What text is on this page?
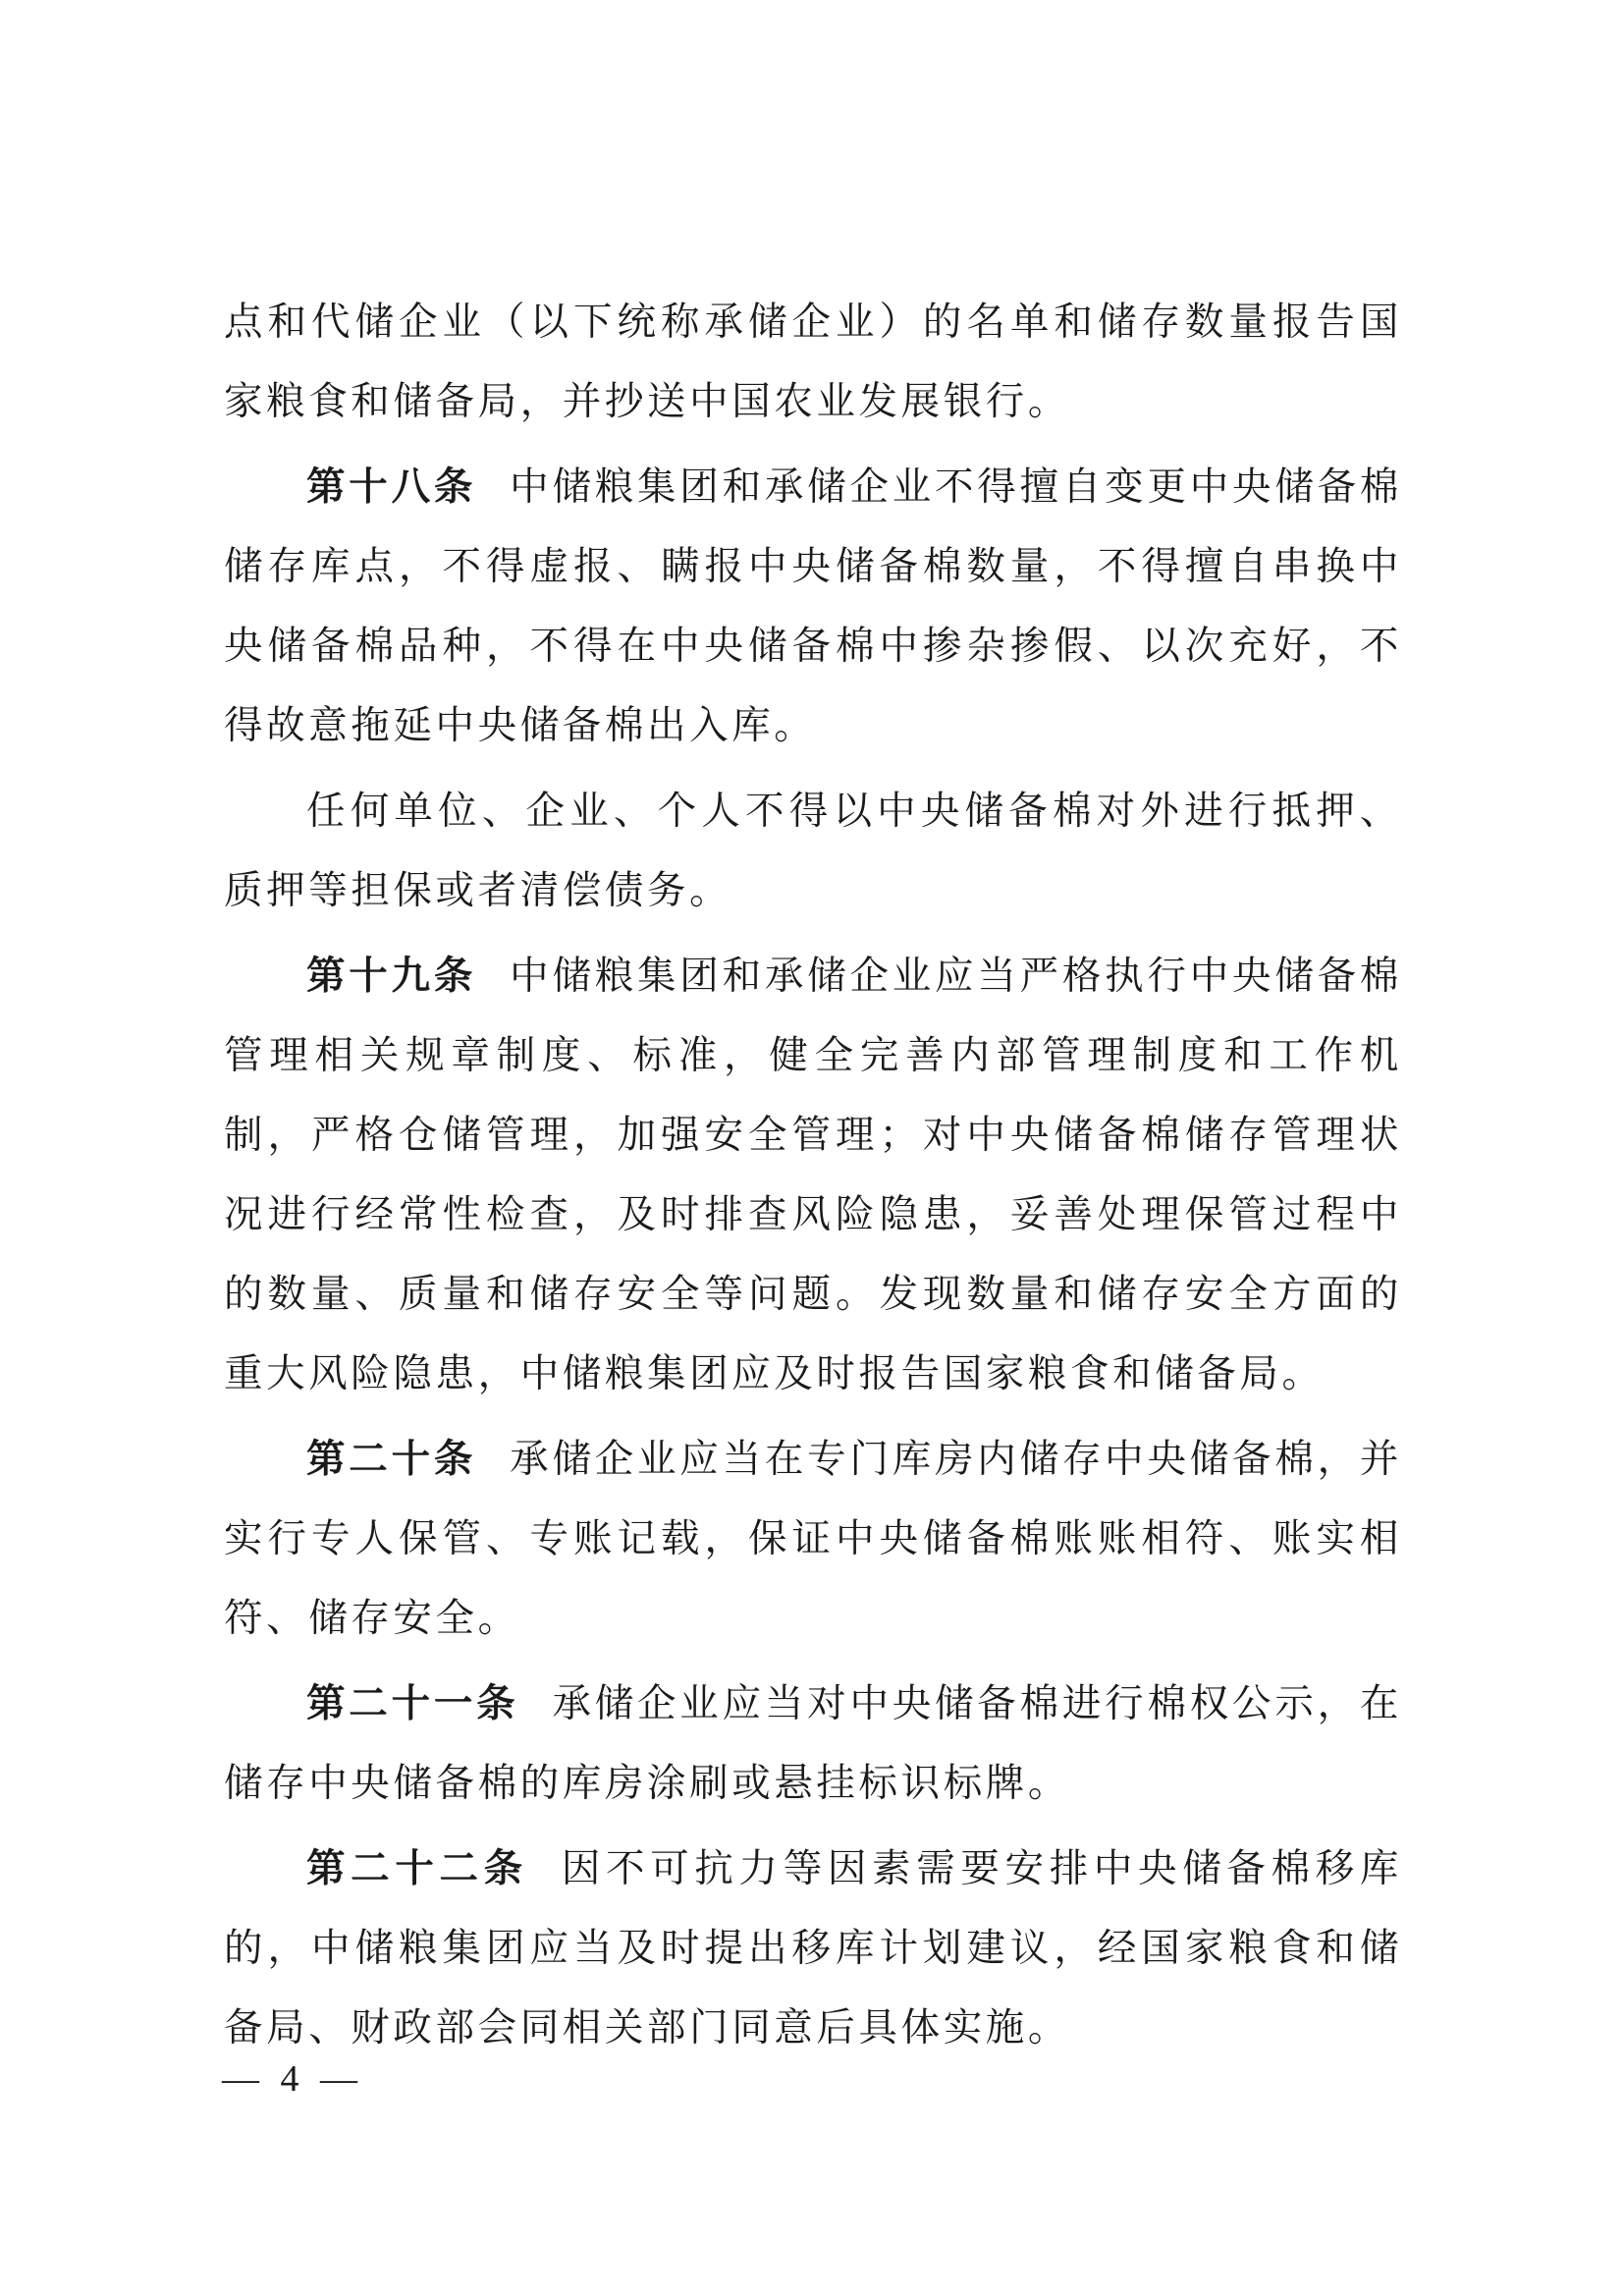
点和代储企业（以下统称承储企业）的名单和储存数量报告国家粮食和储备局，并抄送中国农业发展银行。

第十八条 中储粮集团和承储企业不得擅自变更中央储备棉储存库点，不得虚报、瞒报中央储备棉数量，不得擅自串换中央储备棉品种，不得在中央储备棉中掺杂掺假、以次充好，不得故意拖延中央储备棉出入库。

任何单位、企业、个人不得以中央储备棉对外进行抵押、质押等担保或者清偿债务。

第十九条 中储粮集团和承储企业应当严格执行中央储备棉管理相关规章制度、标准，健全完善内部管理制度和工作机制，严格仓储管理，加强安全管理；对中央储备棉储存管理状况进行经常性检查，及时排查风险隐患，妥善处理保管过程中的数量、质量和储存安全等问题。发现数量和储存安全方面的重大风险隐患，中储粮集团应及时报告国家粮食和储备局。

第二十条 承储企业应当在专门库房内储存中央储备棉，并实行专人保管、专账记载，保证中央储备棉账账相符、账实相符、储存安全。

第二十一条 承储企业应当对中央储备棉进行棉权公示，在储存中央储备棉的库房涂刷或悬挂标识标牌。

第二十二条 因不可抗力等因素需要安排中央储备棉移库的，中储粮集团应当及时提出移库计划建议，经国家粮食和储备局、财政部会同相关部门同意后具体实施。

— 4 —
